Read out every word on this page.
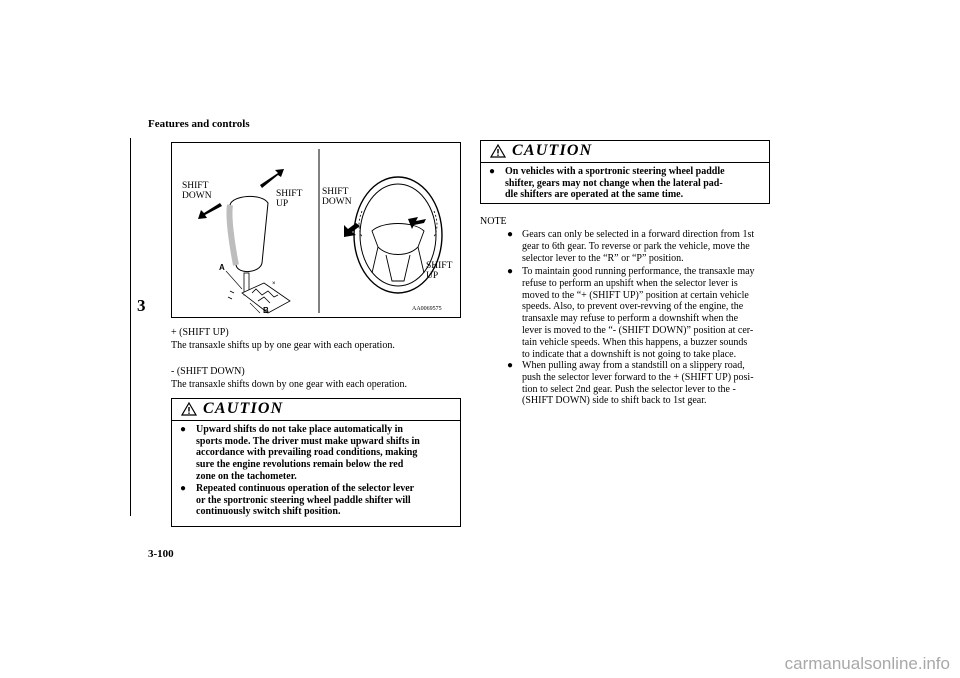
Features and controls
3
3-100
×
SHIFT
DOWN	SHIFT
UP
A
B
SHIFT
DOWN
SHIFT
UP
AA0069575
+ (SHIFT UP)
The transaxle shifts up by one gear with each operation.
- (SHIFT DOWN)
The transaxle shifts down by one gear with each operation.
CAUTION
● Upward shifts do not take place automatically in
sports mode. The driver must make upward shifts in
accordance with prevailing road conditions, making
sure the engine revolutions remain below the red
zone on the tachometer.
● Repeated continuous operation of the selector lever
or the sportronic steering wheel paddle shifter will
continuously switch shift position.
CAUTION
● On vehicles with a sportronic steering wheel paddle
shifter, gears may not change when the lateral pad-
dle shifters are operated at the same time.
NOTE
● Gears can only be selected in a forward direction from 1st
gear to 6th gear. To reverse or park the vehicle, move the
selector lever to the “R” or “P” position.
● To maintain good running performance, the transaxle may
refuse to perform an upshift when the selector lever is
moved to the “+ (SHIFT UP)” position at certain vehicle
speeds. Also, to prevent over-revving of the engine, the
transaxle may refuse to perform a downshift when the
lever is moved to the “- (SHIFT DOWN)” position at cer-
tain vehicle speeds. When this happens, a buzzer sounds
to indicate that a downshift is not going to take place.
● When pulling away from a standstill on a slippery road,
push the selector lever forward to the + (SHIFT UP) posi-
tion to select 2nd gear. Push the selector lever to the -
(SHIFT DOWN) side to shift back to 1st gear.
carmanualsonline.info
